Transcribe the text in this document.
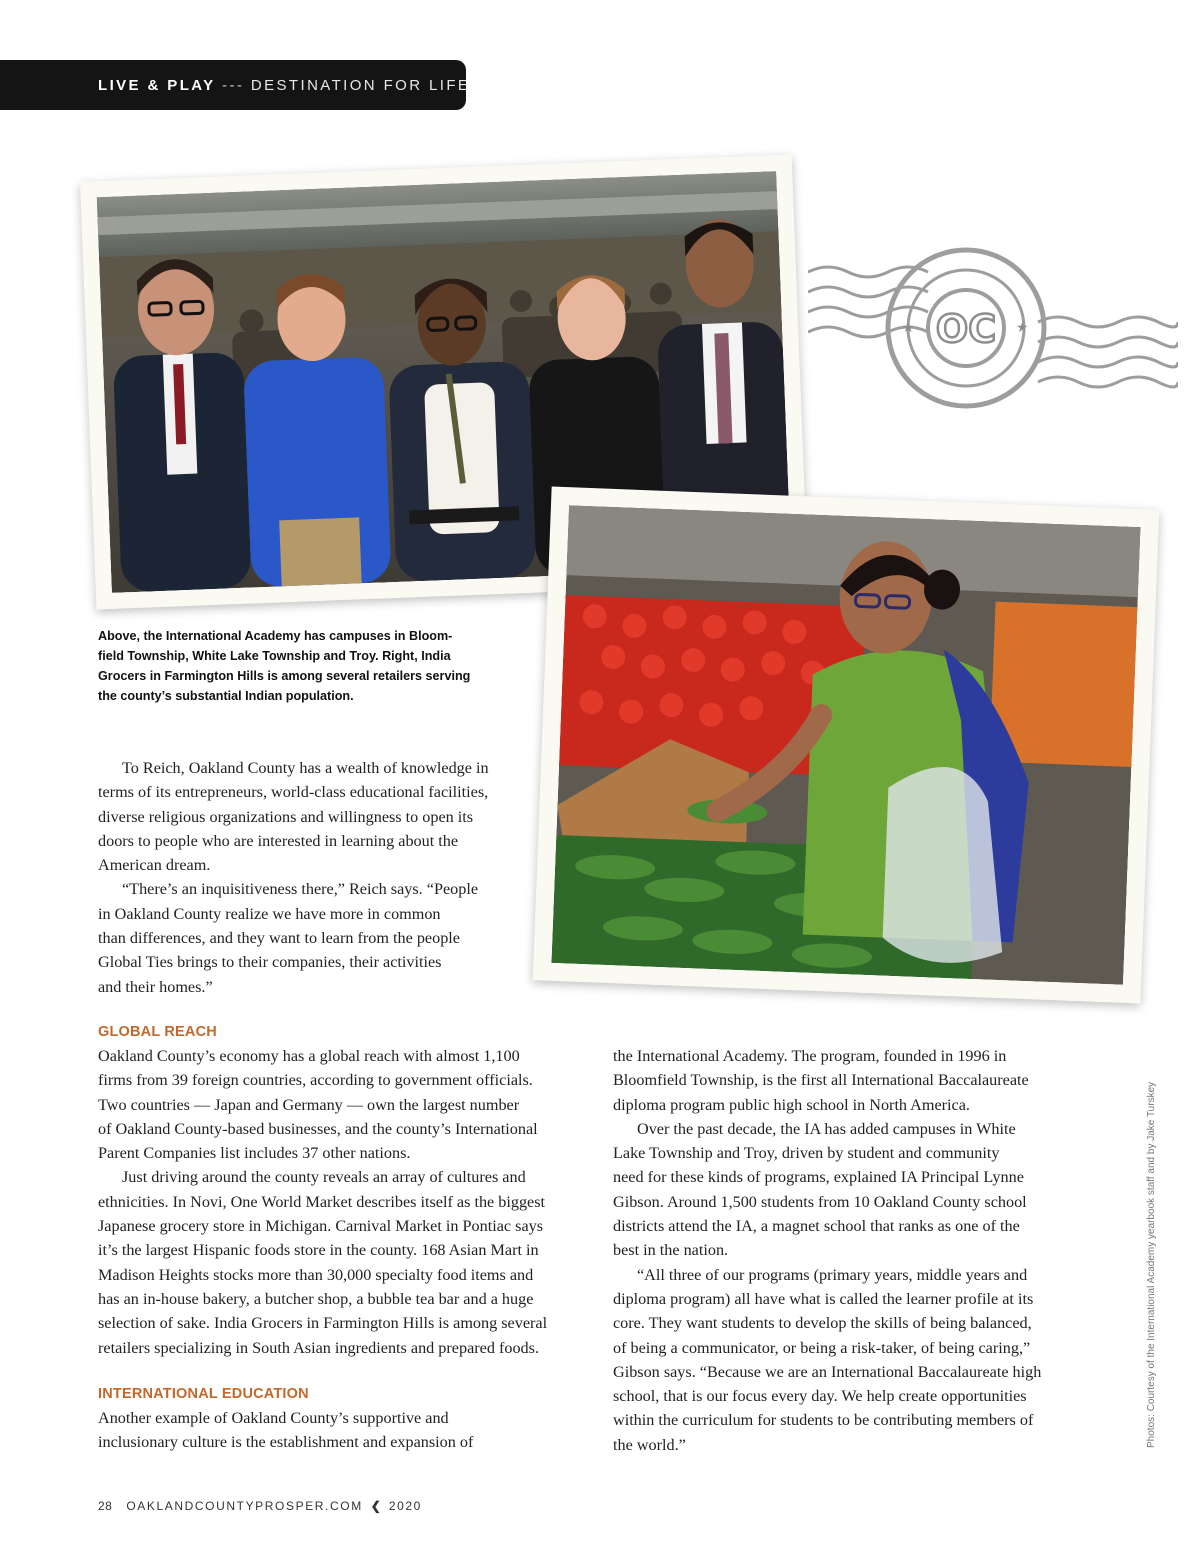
LIVE & PLAY --- DESTINATION FOR LIFE
OC
★	★
Above, the International Academy has campuses in Bloom-
field Township, White Lake Township and Troy. Right, India
Grocers in Farmington Hills is among several retailers serving
the county’s substantial Indian population.

To Reich, Oakland County has a wealth of knowledge in
terms of its entrepreneurs, world-class educational facilities,
diverse religious organizations and willingness to open its
doors to people who are interested in learning about the
American dream.

“There’s an inquisitiveness there,” Reich says. “People
in Oakland County realize we have more in common
than differences, and they want to learn from the people
Global Ties brings to their companies, their activities
and their homes.”

GLOBAL REACH

Oakland County’s economy has a global reach with almost 1,100
firms from 39 foreign countries, according to government officials.
Two countries — Japan and Germany — own the largest number
of Oakland County-based businesses, and the county’s International
Parent Companies list includes 37 other nations.

Just driving around the county reveals an array of cultures and
ethnicities. In Novi, One World Market describes itself as the biggest
Japanese grocery store in Michigan. Carnival Market in Pontiac says
it’s the largest Hispanic foods store in the county. 168 Asian Mart in
Madison Heights stocks more than 30,000 specialty food items and
has an in-house bakery, a butcher shop, a bubble tea bar and a huge
selection of sake. India Grocers in Farmington Hills is among several
retailers specializing in South Asian ingredients and prepared foods.

INTERNATIONAL EDUCATION

Another example of Oakland County’s supportive and
inclusionary culture is the establishment and expansion of

the International Academy. The program, founded in 1996 in
Bloomfield Township, is the first all International Baccalaureate
diploma program public high school in North America.

Over the past decade, the IA has added campuses in White
Lake Township and Troy, driven by student and community
need for these kinds of programs, explained IA Principal Lynne
Gibson. Around 1,500 students from 10 Oakland County school
districts attend the IA, a magnet school that ranks as one of the
best in the nation.

“All three of our programs (primary years, middle years and
diploma program) all have what is called the learner profile at its
core. They want students to develop the skills of being balanced,
of being a communicator, or being a risk-taker, of being caring,”
Gibson says. “Because we are an International Baccalaureate high
school, that is our focus every day. We help create opportunities
within the curriculum for students to be contributing members of
the world.”	Photos: Courtesy of the International Academy yearbook staff and by Jake Turskey
28 OAKLANDCOUNTYPROSPER.COM ❮ 2020
